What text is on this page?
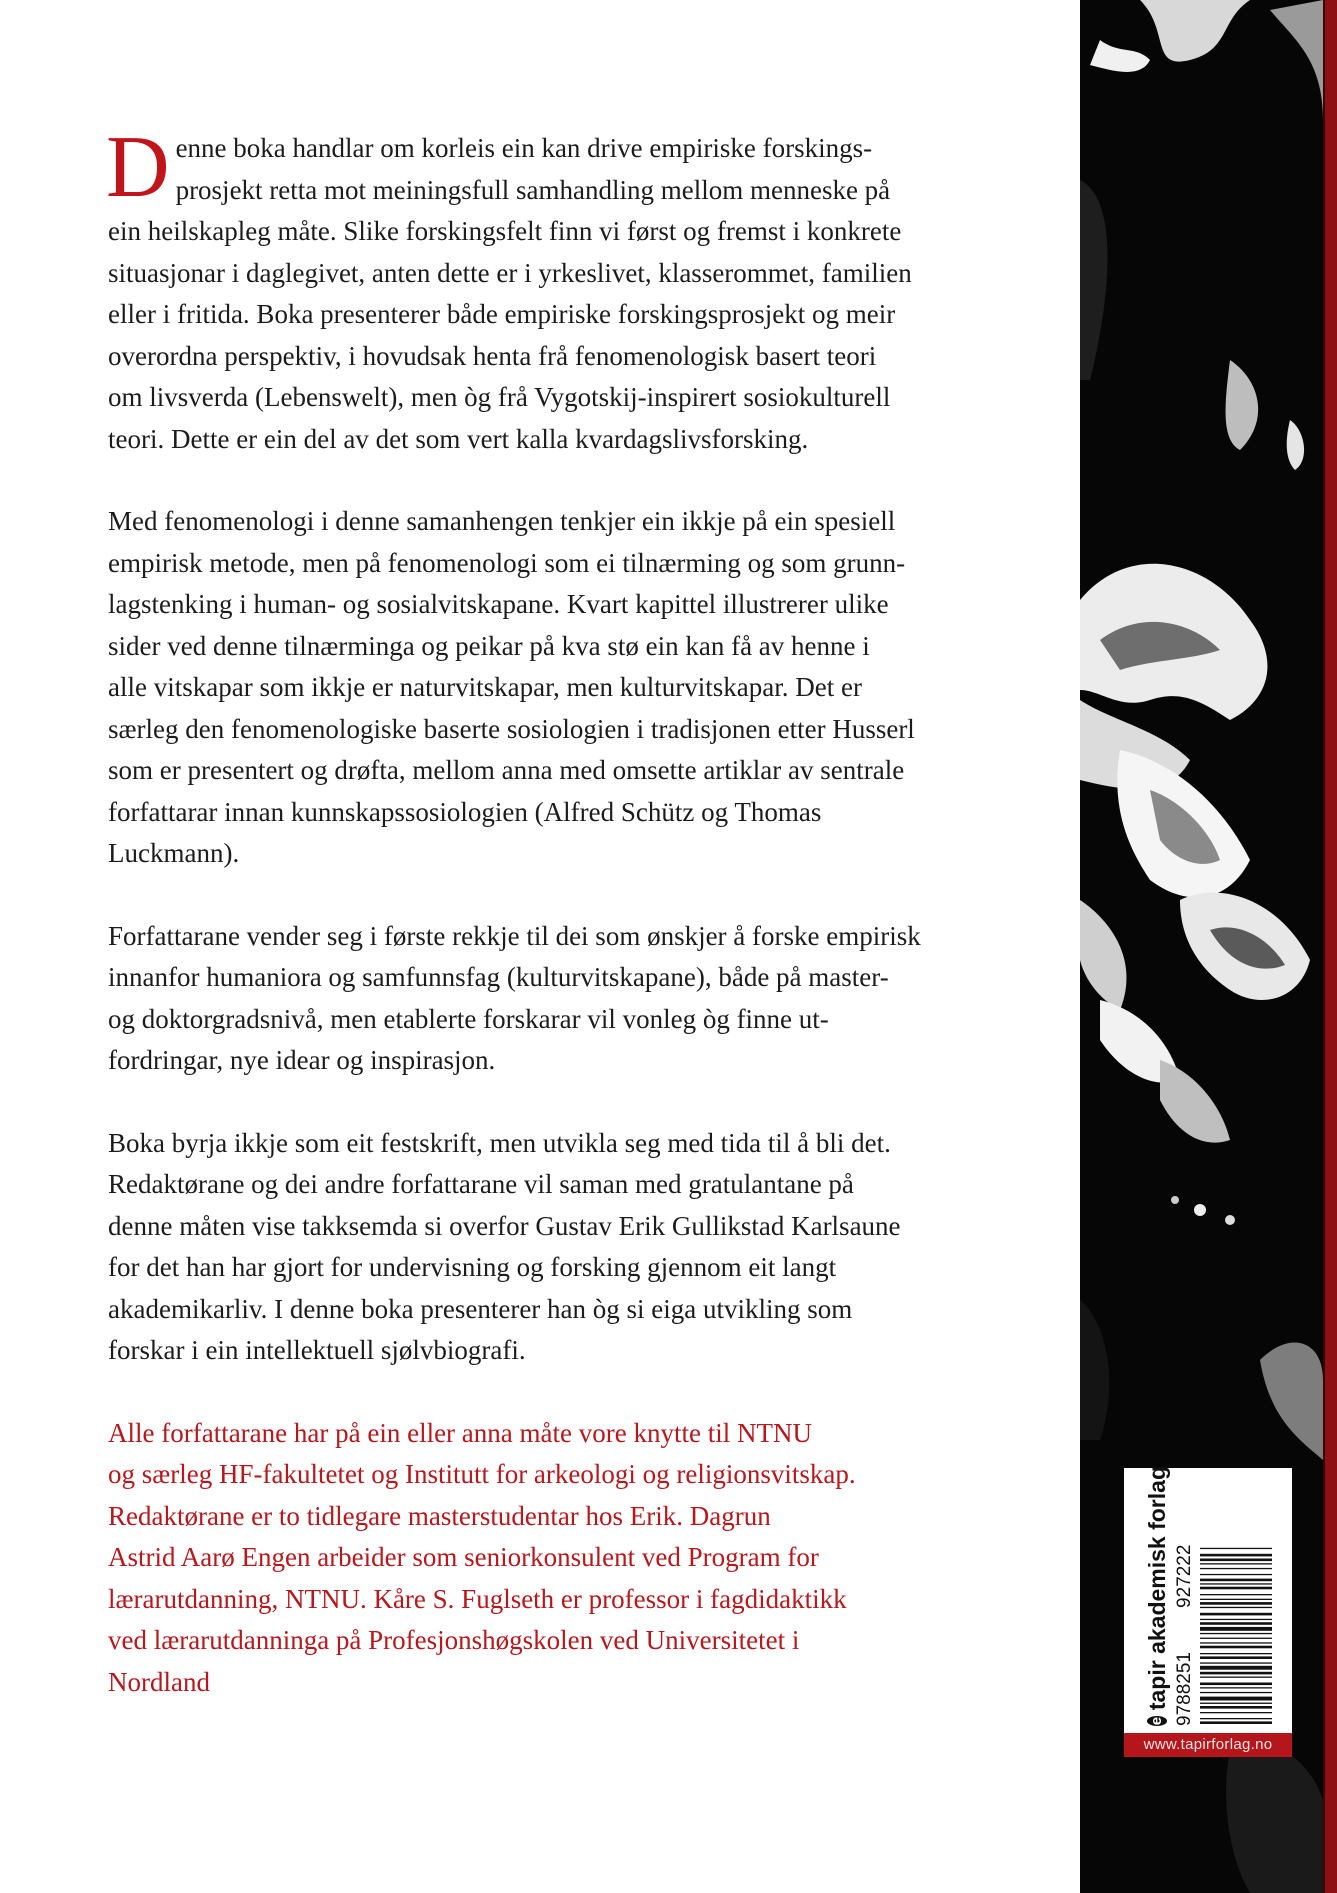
Denne boka handlar om korleis ein kan drive empiriske forskings-
prosjekt retta mot meiningsfull samhandling mellom menneske på
ein heilskapleg måte. Slike forskingsfelt finn vi først og fremst i konkrete
situasjonar i daglegivet, anten dette er i yrkeslivet, klasserommet, familien
eller i fritida. Boka presenterer både empiriske forskingsprosjekt og meir
overordna perspektiv, i hovudsak henta frå fenomenologisk basert teori
om livsverda (Lebenswelt), men òg frå Vygotskij-inspirert sosiokulturell
teori. Dette er ein del av det som vert kalla kvardagslivsforsking.

Med fenomenologi i denne samanhengen tenkjer ein ikkje på ein spesiell
empirisk metode, men på fenomenologi som ei tilnærming og som grunn-
lagstenking i human- og sosialvitskapane. Kvart kapittel illustrerer ulike
sider ved denne tilnærminga og peikar på kva stø ein kan få av henne i
alle vitskapar som ikkje er naturvitskapar, men kulturvitskapar. Det er
særleg den fenomenologiske baserte sosiologien i tradisjonen etter Husserl
som er presentert og drøfta, mellom anna med omsette artiklar av sentrale
forfattarar innan kunnskapssosiologien (Alfred Schütz og Thomas
Luckmann).

Forfattarane vender seg i første rekkje til dei som ønskjer å forske empirisk
innanfor humaniora og samfunnsfag (kulturvitskapane), både på master-
og doktorgradsnivå, men etablerte forskarar vil vonleg òg finne ut-
fordringar, nye idear og inspirasjon.

Boka byrja ikkje som eit festskrift, men utvikla seg med tida til å bli det.
Redaktørane og dei andre forfattarane vil saman med gratulantane på
denne måten vise takksemda si overfor Gustav Erik Gullikstad Karlsaune
for det han har gjort for undervisning og forsking gjennom eit langt
akademikarliv. I denne boka presenterer han òg si eiga utvikling som
forskar i ein intellektuell sjølvbiografi.

Alle forfattarane har på ein eller anna måte vore knytte til NTNU
og særleg HF-fakultetet og Institutt for arkeologi og religionsvitskap.
Redaktørane er to tidlegare masterstudentar hos Erik. Dagrun
Astrid Aarø Engen arbeider som seniorkonsulent ved Program for
lærarutdanning, NTNU. Kåre S. Fuglseth er professor i fagdidaktikk
ved lærarutdanninga på Profesjonshøgskolen ved Universitetet i
Nordland

e
tapir akademisk forlag 9788251
927222
www.tapirforlag.no
